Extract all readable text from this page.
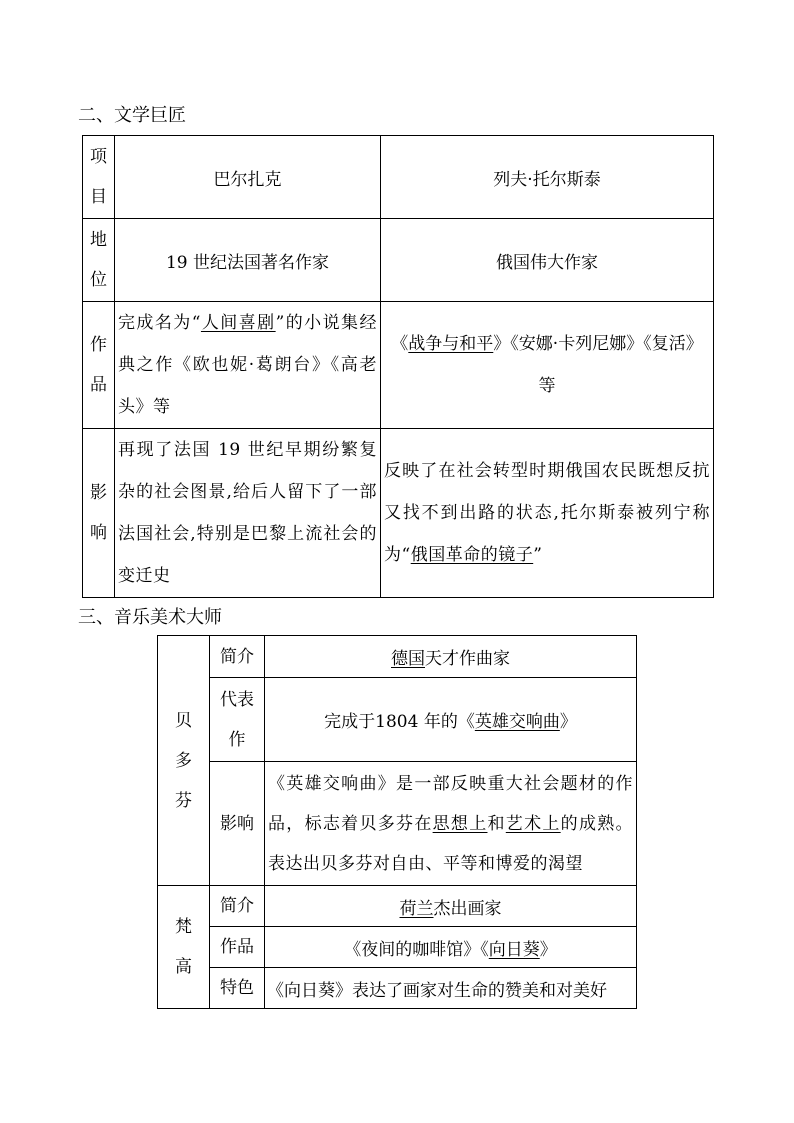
二、文学巨匠
项目	巴尔扎克	列夫·托尔斯泰

地位	19 世纪法国著名作家	俄国伟大作家

作品	完成名为“人间喜剧”的小说集经典之作《欧也妮·葛朗台》《高老头》等	《战争与和平》《安娜·卡列尼娜》《复活》等

影响	再现了法国 19 世纪早期纷繁复杂的社会图景,给后人留下了一部法国社会,特别是巴黎上流社会的变迁史	反映了在社会转型时期俄国农民既想反抗又找不到出路的状态,托尔斯泰被列宁称为“俄国革命的镜子”
三、音乐美术大师
贝多芬	简介	德国天才作曲家

	代表作	完成于1804 年的《英雄交响曲》
	影响	《英雄交响曲》是一部反映重大社会题材的作品，标志着贝多芬在思想上和艺术上的成熟。表达出贝多芬对自由、平等和博爱的渴望

梵高	简介	荷兰杰出画家
	作品	《夜间的咖啡馆》《向日葵》
	特色	《向日葵》表达了画家对生命的赞美和对美好
